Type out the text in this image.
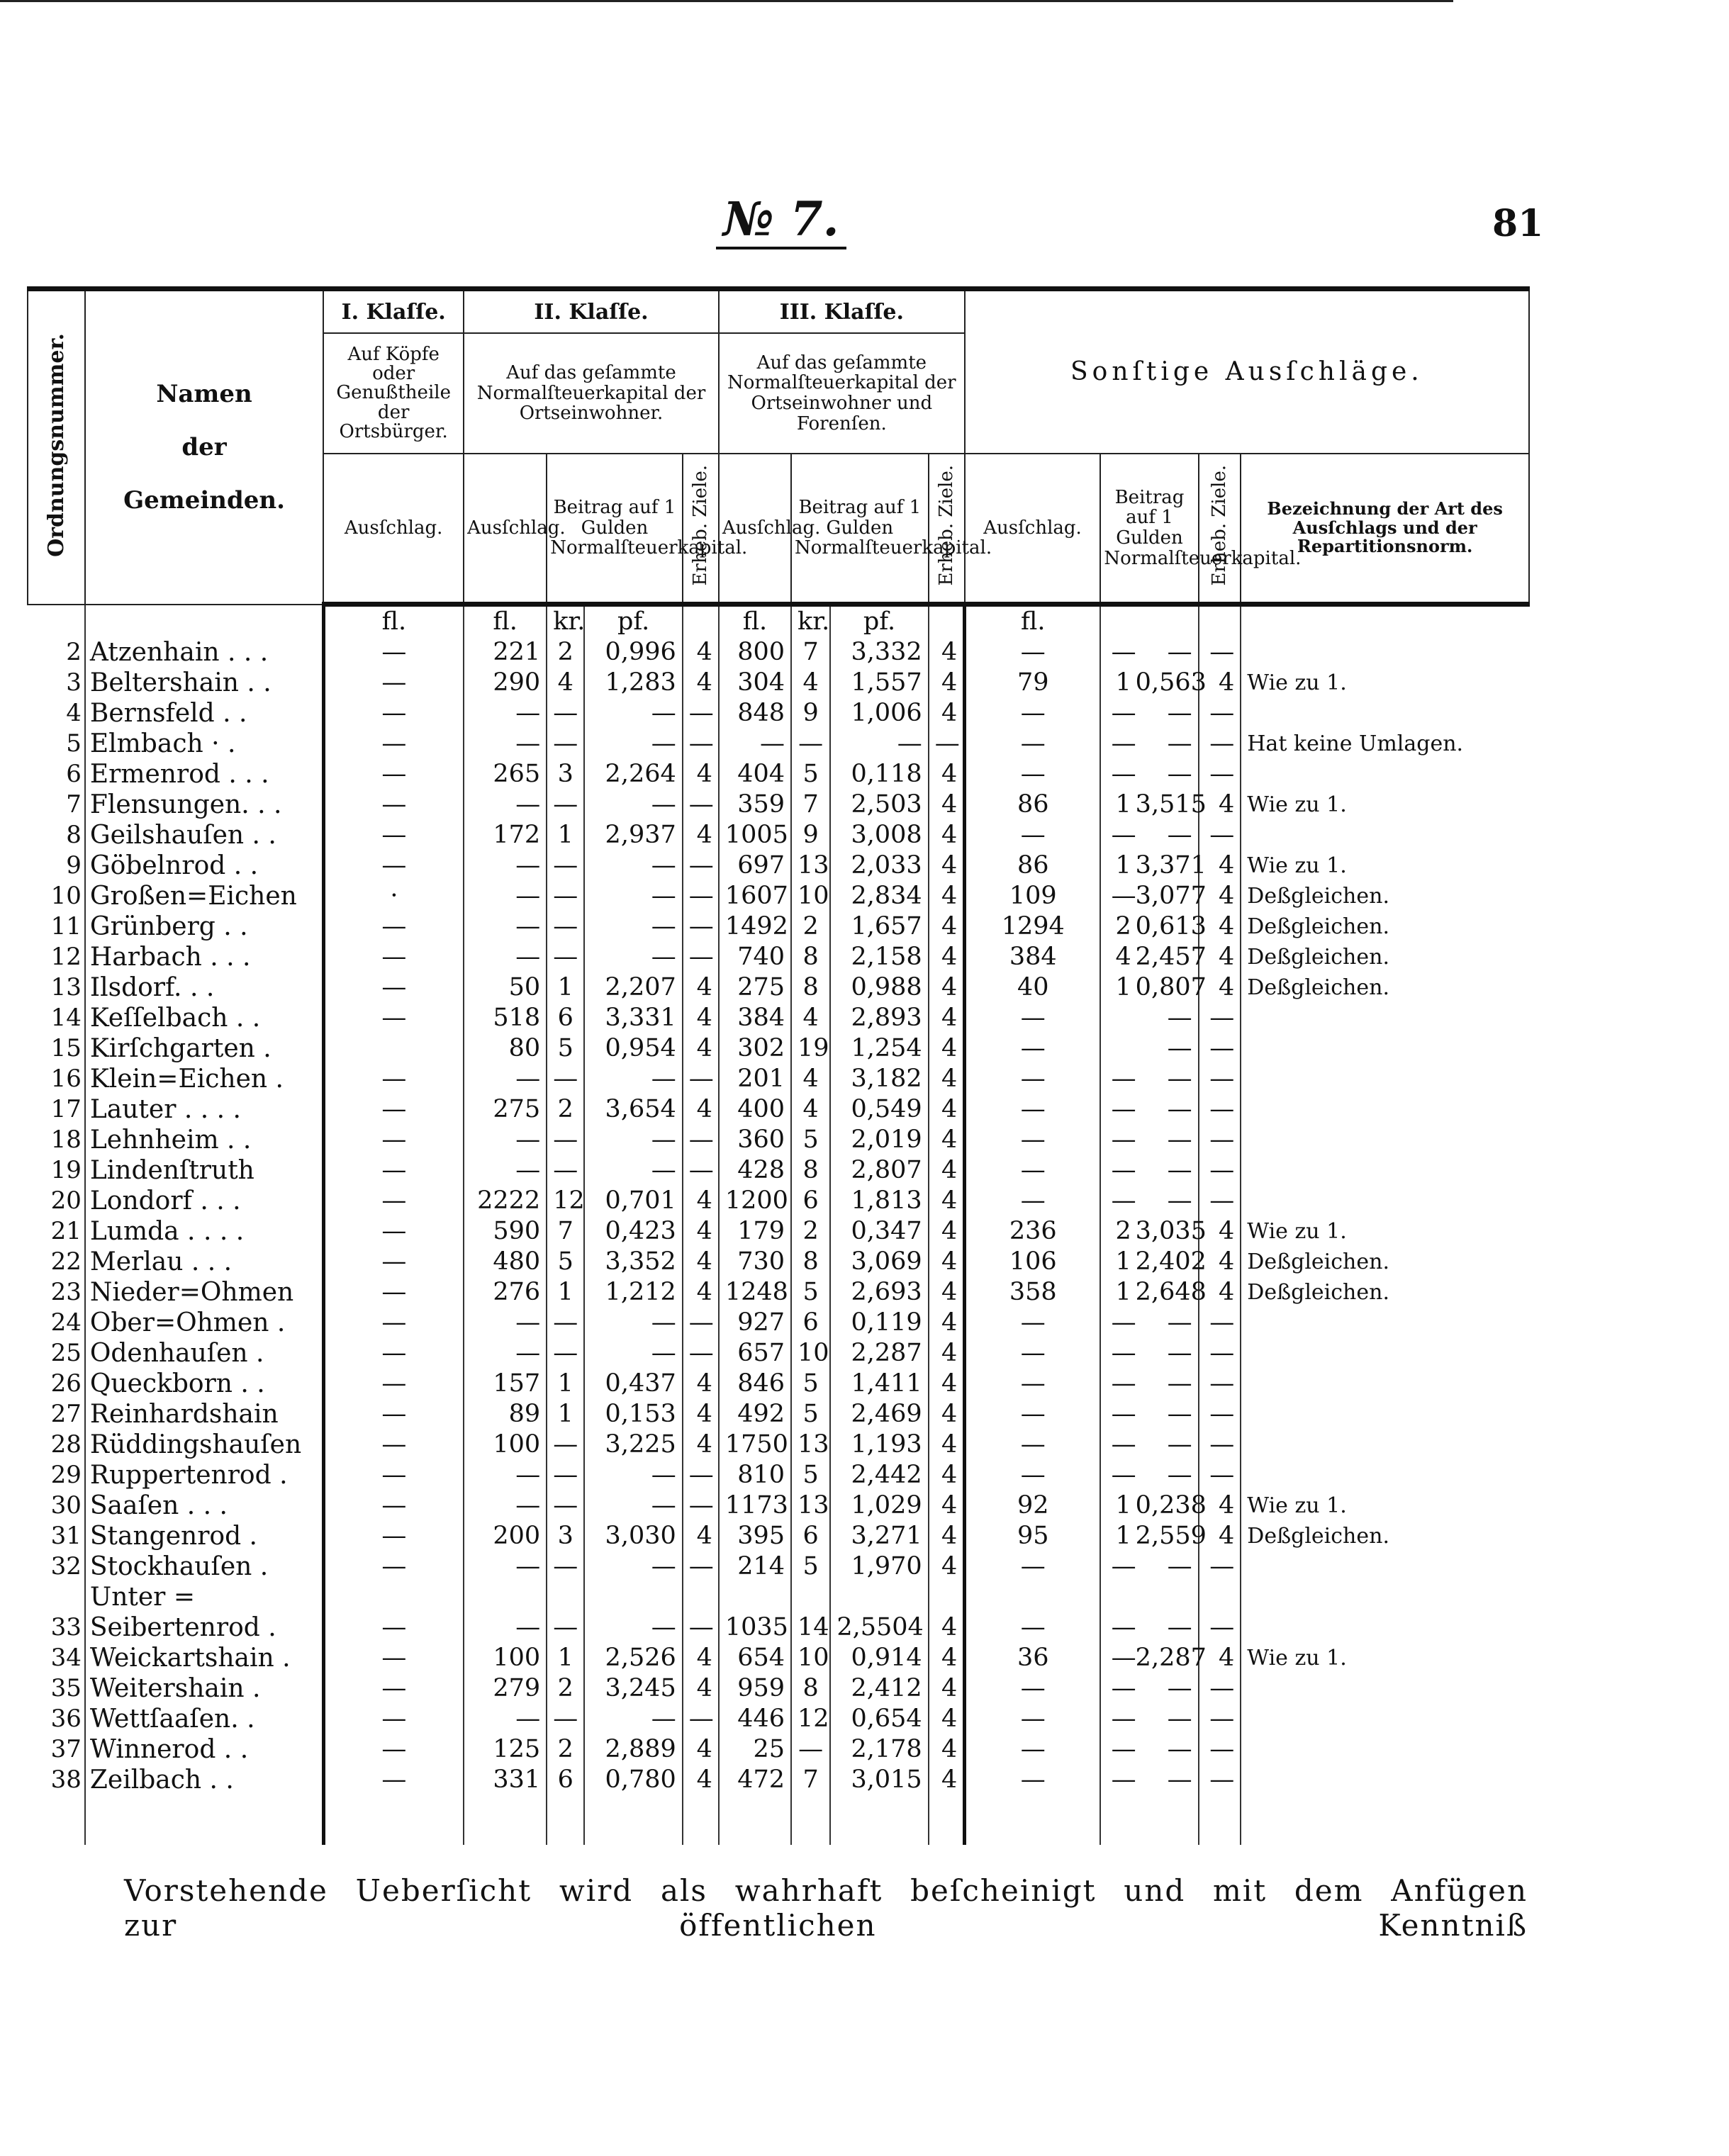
№ 7.	81
Ordnungsnummer.	Namen
der
Gemeinden.	I. Klaſſe.	II. Klaſſe.				III. Klaſſe.				Sonſtige Ausſchläge.			
		Auf Köpfe oder Genußtheile der Ortsbürger.	Auf das geſammte Normalſteuerkapital der Ortseinwohner.				Auf das geſammte Normalſteuerkapital der Ortseinwohner und Forenſen.							
		Ausſchlag.	Ausſchlag.	Beitrag auf 1 Gulden Normalſteuerkapital.		Erheb. Ziele.	Ausſchlag.	Beitrag auf 1 Gulden Normalſteuerkapital.		Erheb. Ziele.	Ausſchlag.	Beitrag auf 1 Gulden Normalſteuerkapital.	Erheb. Ziele.	Bezeichnung der Art des Ausſchlags und der Repartitionsnorm.
		fl.	fl.	kr.	pf.		fl.	kr.	pf.		fl.			
2	Atzenhain . . .	—	221	2	0,996	4	800	7	3,332	4	—	— —	—	
3	Beltershain . .	—	290	4	1,283	4	304	4	1,557	4	79	1 0,563	4	Wie zu 1.
4	Bernsfeld . .	—	—	—	—	—	848	9	1,006	4	—	— —	—	
5	Elmbach · .	—	—	—	—	—	—	—	—	—	—	— —	—	Hat keine Umlagen.
6	Ermenrod . . .	—	265	3	2,264	4	404	5	0,118	4	—	— —	—	
7	Flensungen. . .	—	—	—	—	—	359	7	2,503	4	86	1 3,515	4	Wie zu 1.
8	Geilshauſen . .	—	172	1	2,937	4	1005	9	3,008	4	—	— —	—	
9	Göbelnrod . .	—	—	—	—	—	697	13	2,033	4	86	1 3,371	4	Wie zu 1.
10	Großen=Eichen	·	—	—	—	—	1607	10	2,834	4	109	—3,077	4	Deßgleichen.
11	Grünberg . .	—	—	—	—	—	1492	2	1,657	4	1294	2 0,613	4	Deßgleichen.
12	Harbach . . .	—	—	—	—	—	740	8	2,158	4	384	4 2,457	4	Deßgleichen.
13	Ilsdorf. . .	—	50	1	2,207	4	275	8	0,988	4	40	1 0,807	4	Deßgleichen.
14	Keſſelbach . .	—	518	6	3,331	4	384	4	2,893	4	—	—	—	
15	Kirſchgarten .		80	5	0,954	4	302	19	1,254	4	—	—	—	
16	Klein=Eichen .	—	—	—	—	—	201	4	3,182	4	—	— —	—	
17	Lauter . . . .	—	275	2	3,654	4	400	4	0,549	4	—	— —	—	
18	Lehnheim . .	—	—	—	—	—	360	5	2,019	4	—	— —	—	
19	Lindenſtruth	—	—	—	—	—	428	8	2,807	4	—	— —	—	
20	Londorf . . .	—	2222	12	0,701	4	1200	6	1,813	4	—	— —	—	
21	Lumda . . . .	—	590	7	0,423	4	179	2	0,347	4	236	2 3,035	4	Wie zu 1.
22	Merlau . . .	—	480	5	3,352	4	730	8	3,069	4	106	1 2,402	4	Deßgleichen.
23	Nieder=Ohmen	—	276	1	1,212	4	1248	5	2,693	4	358	1 2,648	4	Deßgleichen.
24	Ober=Ohmen .	—	—	—	—	—	927	6	0,119	4	—	— —	—	
25	Odenhauſen .	—	—	—	—	—	657	10	2,287	4	—	— —	—	
26	Queckborn . .	—	157	1	0,437	4	846	5	1,411	4	—	— —	—	
27	Reinhardshain	—	89	1	0,153	4	492	5	2,469	4	—	— —	—	
28	Rüddingshauſen	—	100	—	3,225	4	1750	13	1,193	4	—	— —	—	
29	Ruppertenrod .	—	—	—	—	—	810	5	2,442	4	—	— —	—	
30	Saaſen . . .	—	—	—	—	—	1173	13	1,029	4	92	1 0,238	4	Wie zu 1.
31	Stangenrod .	—	200	3	3,030	4	395	6	3,271	4	95	1 2,559	4	Deßgleichen.
32	Stockhauſen .	—	—	—	—	—	214	5	1,970	4	—	— —	—	
33	Unter = Seibertenrod .	—	—	—	—	—	1035	14	2,5504	4	—	— —	—	
34	Weickartshain .	—	100	1	2,526	4	654	10	0,914	4	36	—2,287	4	Wie zu 1.
35	Weitershain .	—	279	2	3,245	4	959	8	2,412	4	—	— —	—	
36	Wettſaaſen. .	—	—	—	—	—	446	12	0,654	4	—	— —	—	
37	Winnerod . .	—	125	2	2,889	4	25	—	2,178	4	—	— —	—	
38	Zeilbach . .	—	331	6	0,780	4	472	7	3,015	4	—	— —	—	

Vorstehende Ueberſicht wird als wahrhaft beſcheinigt und mit dem Anfügen zur öffentlichen Kenntniß
